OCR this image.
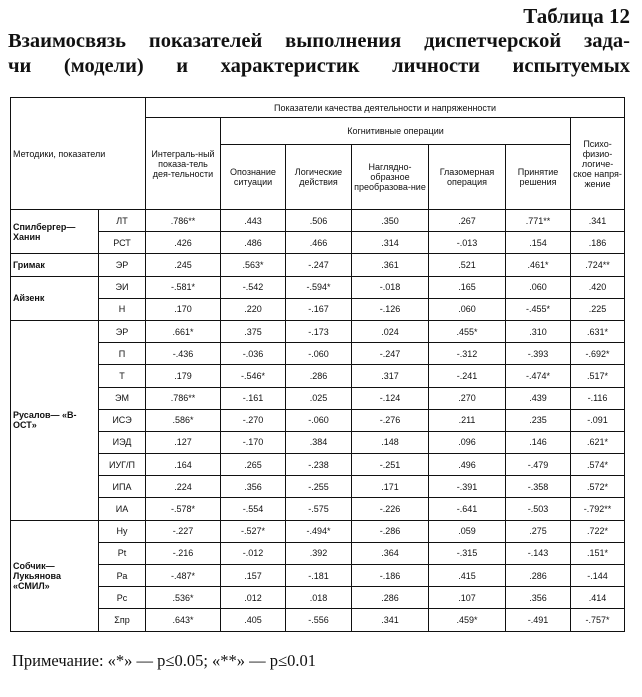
Таблица 12
Взаимосвязь показателей выполнения диспетчерской зада-
чи (модели) и характеристик личности испытуемых
Методики, показатели		Показатели качества деятельности и напряженности						
		Интеграль-ный показа-тель дея-тельности	Когнитивные операции					Психо-физио-логиче-ское напря-жение
			Опознание ситуации	Логические действия	Наглядно-образное преобразова-ние	Глазомерная операция	Принятие решения	
Спилбергер—Ханин	ЛТ	.786**	.443	.506	.350	.267	.771**	.341
	РСТ	.426	.486	.466	.314	-.013	.154	.186
Гримак	ЭР	.245	.563*	-.247	.361	.521	.461*	.724**
Айзенк	ЭИ	-.581*	-.542	-.594*	-.018	.165	.060	.420
	Н	.170	.220	-.167	-.126	.060	-.455*	.225
Русалов— «В-ОСТ»	ЭР	.661*	.375	-.173	.024	.455*	.310	.631*
	П	-.436	-.036	-.060	-.247	-.312	-.393	-.692*
	Т	.179	-.546*	.286	.317	-.241	-.474*	.517*
	ЭМ	.786**	-.161	.025	-.124	.270	.439	-.116
	ИСЭ	.586*	-.270	-.060	-.276	.211	.235	-.091
	ИЭД	.127	-.170	.384	.148	.096	.146	.621*
	ИУГ/П	.164	.265	-.238	-.251	.496	-.479	.574*
	ИПА	.224	.356	-.255	.171	-.391	-.358	.572*
	ИА	-.578*	-.554	-.575	-.226	-.641	-.503	-.792**
Собчик—Лукьянова «СМИЛ»	Ну	-.227	-.527*	-.494*	-.286	.059	.275	.722*
	Рt	-.216	-.012	.392	.364	-.315	-.143	.151*
	Ра	-.487*	.157	-.181	-.186	.415	.286	-.144
	Рс	.536*	.012	.018	.286	.107	.356	.414
	Σпр	.643*	.405	-.556	.341	.459*	-.491	-.757*
Примечание: «*» — p≤0.05; «**» — p≤0.01
